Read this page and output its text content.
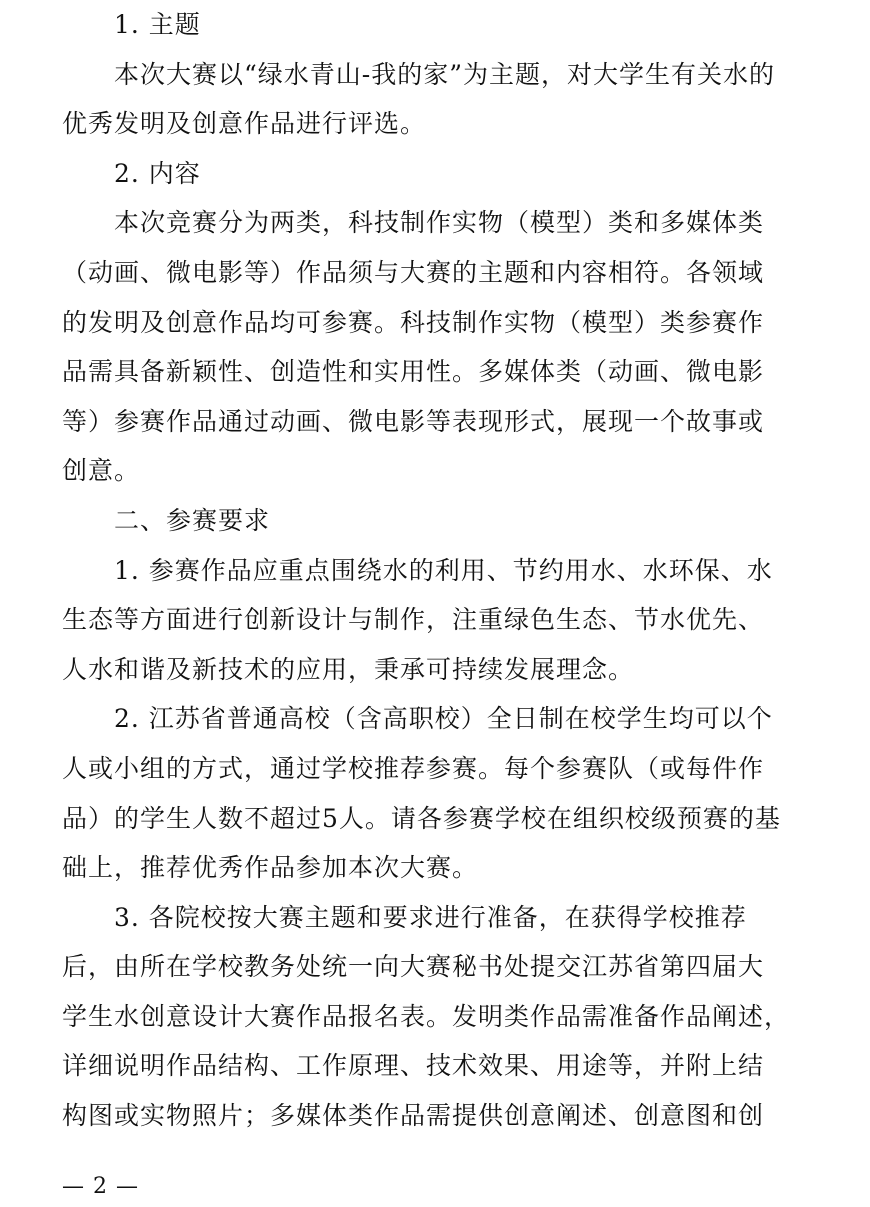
1. 主题
本次大赛以“绿水青山-我的家”为主题，对大学生有关水的
优秀发明及创意作品进行评选。
2. 内容
本次竞赛分为两类，科技制作实物（模型）类和多媒体类
（动画、微电影等）作品须与大赛的主题和内容相符。各领域
的发明及创意作品均可参赛。科技制作实物（模型）类参赛作
品需具备新颖性、创造性和实用性。多媒体类（动画、微电影
等）参赛作品通过动画、微电影等表现形式，展现一个故事或
创意。
二、参赛要求
1. 参赛作品应重点围绕水的利用、节约用水、水环保、水
生态等方面进行创新设计与制作，注重绿色生态、节水优先、
人水和谐及新技术的应用，秉承可持续发展理念。
2. 江苏省普通高校（含高职校）全日制在校学生均可以个
人或小组的方式，通过学校推荐参赛。每个参赛队（或每件作
品）的学生人数不超过5人。请各参赛学校在组织校级预赛的基
础上，推荐优秀作品参加本次大赛。
3. 各院校按大赛主题和要求进行准备，在获得学校推荐
后，由所在学校教务处统一向大赛秘书处提交江苏省第四届大
学生水创意设计大赛作品报名表。发明类作品需准备作品阐述，
详细说明作品结构、工作原理、技术效果、用途等，并附上结
构图或实物照片；多媒体类作品需提供创意阐述、创意图和创
— 2 —
